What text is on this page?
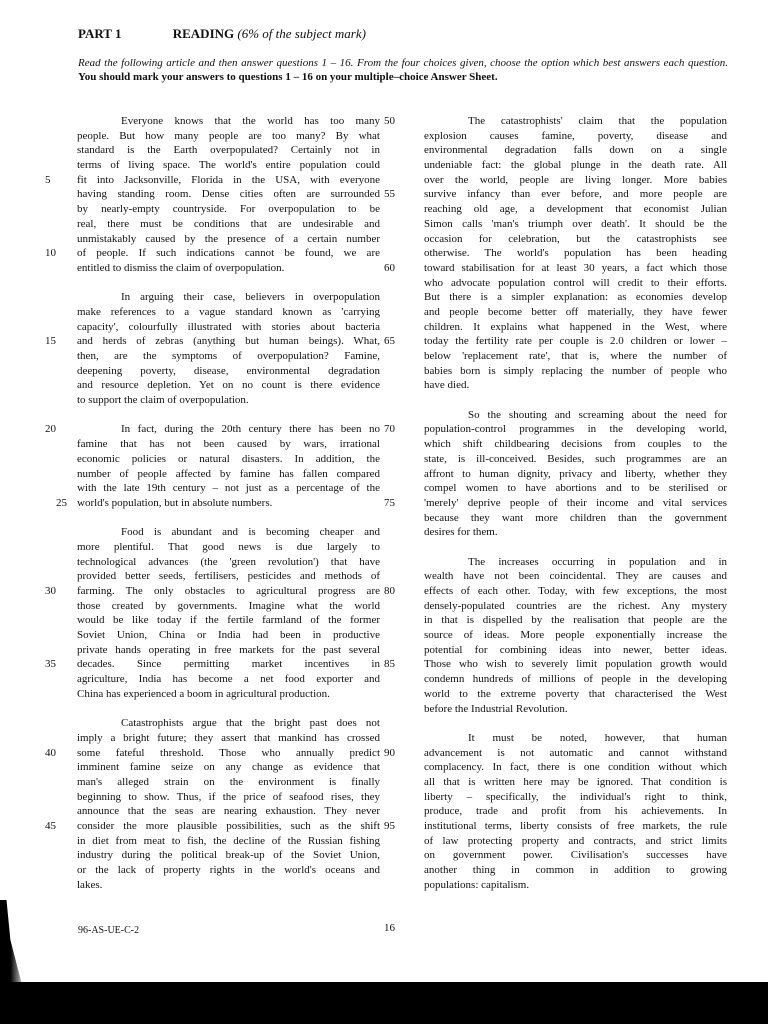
PART 1	READING (6% of the subject mark)
Read the following article and then answer questions 1 – 16. From the four choices given, choose the option which best answers each question. You should mark your answers to questions 1 – 16 on your multiple–choice Answer Sheet.
Everyone knows that the world has too many
people. But how many people are too many? By what
standard is the Earth overpopulated? Certainly not in
terms of living space. The world's entire population could
fit into Jacksonville, Florida in the USA, with everyone
5
having standing room. Dense cities often are surrounded
by nearly-empty countryside. For overpopulation to be
real, there must be conditions that are undesirable and
unmistakably caused by the presence of a certain number
of people. If such indications cannot be found, we are
10
entitled to dismiss the claim of overpopulation.
In arguing their case, believers in overpopulation
make references to a vague standard known as 'carrying
capacity', colourfully illustrated with stories about bacteria
and herds of zebras (anything but human beings). What,
15
then, are the symptoms of overpopulation? Famine,
deepening poverty, disease, environmental degradation
and resource depletion. Yet on no count is there evidence
to support the claim of overpopulation.
In fact, during the 20th century there has been no
20
famine that has not been caused by wars, irrational
economic policies or natural disasters. In addition, the
number of people affected by famine has fallen compared
with the late 19th century – not just as a percentage of the
world's population, but in absolute numbers.
25
Food is abundant and is becoming cheaper and
more plentiful. That good news is due largely to
technological advances (the 'green revolution') that have
provided better seeds, fertilisers, pesticides and methods of
farming. The only obstacles to agricultural progress are
30
those created by governments. Imagine what the world
would be like today if the fertile farmland of the former
Soviet Union, China or India had been in productive
private hands operating in free markets for the past several
decades. Since permitting market incentives in
35
agriculture, India has become a net food exporter and
China has experienced a boom in agricultural production.
Catastrophists argue that the bright past does not
imply a bright future; they assert that mankind has crossed
some fateful threshold. Those who annually predict
40
imminent famine seize on any change as evidence that
man's alleged strain on the environment is finally
beginning to show. Thus, if the price of seafood rises, they
announce that the seas are nearing exhaustion. They never
consider the more plausible possibilities, such as the shift
45
in diet from meat to fish, the decline of the Russian fishing
industry during the political break-up of the Soviet Union,
or the lack of property rights in the world's oceans and
lakes.
The catastrophists' claim that the population
50
explosion causes famine, poverty, disease and
environmental degradation falls down on a single
undeniable fact: the global plunge in the death rate. All
over the world, people are living longer. More babies
survive infancy than ever before, and more people are
55
reaching old age, a development that economist Julian
Simon calls 'man's triumph over death'. It should be the
occasion for celebration, but the catastrophists see
otherwise. The world's population has been heading
toward stabilisation for at least 30 years, a fact which those
60
who advocate population control will credit to their efforts.
But there is a simpler explanation: as economies develop
and people become better off materially, they have fewer
children. It explains what happened in the West, where
today the fertility rate per couple is 2.0 children or lower –
65
below 'replacement rate', that is, where the number of
babies born is simply replacing the number of people who
have died.
So the shouting and screaming about the need for
population-control programmes in the developing world,
70
which shift childbearing decisions from couples to the
state, is ill-conceived. Besides, such programmes are an
affront to human dignity, privacy and liberty, whether they
compel women to have abortions and to be sterilised or
'merely' deprive people of their income and vital services
75
because they want more children than the government
desires for them.
The increases occurring in population and in
wealth have not been coincidental. They are causes and
effects of each other. Today, with few exceptions, the most
80
densely-populated countries are the richest. Any mystery
in that is dispelled by the realisation that people are the
source of ideas. More people exponentially increase the
potential for combining ideas into newer, better ideas.
Those who wish to severely limit population growth would
85
condemn hundreds of millions of people in the developing
world to the extreme poverty that characterised the West
before the Industrial Revolution.
It must be noted, however, that human
advancement is not automatic and cannot withstand
90
complacency. In fact, there is one condition without which
all that is written here may be ignored. That condition is
liberty – specifically, the individual's right to think,
produce, trade and profit from his achievements. In
institutional terms, liberty consists of free markets, the rule
95
of law protecting property and contracts, and strict limits
on government power. Civilisation's successes have
another thing in common in addition to growing
populations: capitalism.
96-AS-UE-C-2	16
